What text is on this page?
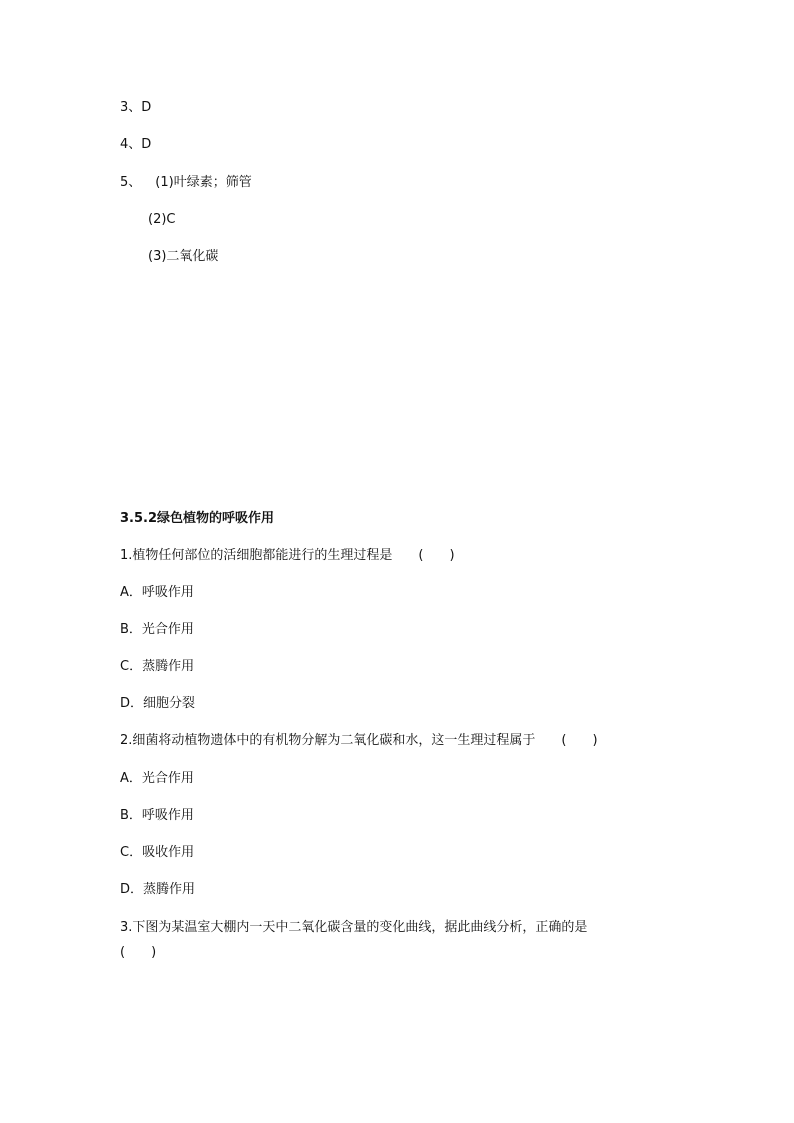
3、D
4、D
5、 (1)叶绿素；筛管
(2)C
(3)二氧化碳
3.5.2绿色植物的呼吸作用
1.植物任何部位的活细胞都能进行的生理过程是 (　　)
A．呼吸作用
B．光合作用
C．蒸腾作用
D．细胞分裂
2.细菌将动植物遗体中的有机物分解为二氧化碳和水，这一生理过程属于 (　　)
A．光合作用
B．呼吸作用
C．吸收作用
D．蒸腾作用
3.下图为某温室大棚内一天中二氧化碳含量的变化曲线，据此曲线分析，正确的是
(　　)
